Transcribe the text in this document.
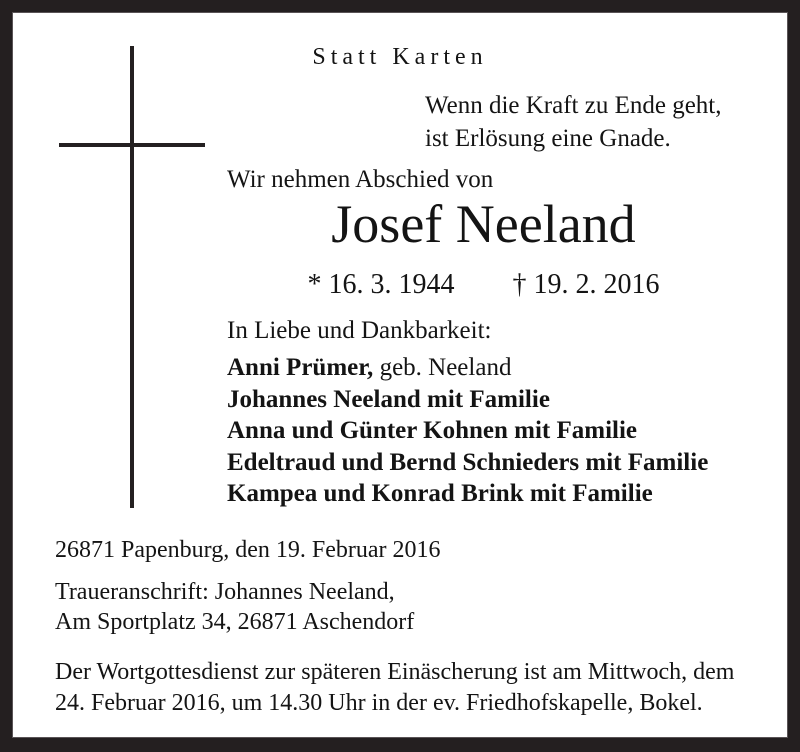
Statt Karten
Wenn die Kraft zu Ende geht,
ist Erlösung eine Gnade.
Wir nehmen Abschied von
Josef Neeland
* 16. 3. 1944 † 19. 2. 2016
In Liebe und Dankbarkeit:
Anni Prümer, geb. Neeland
Johannes Neeland mit Familie
Anna und Günter Kohnen mit Familie
Edeltraud und Bernd Schnieders mit Familie
Kampea und Konrad Brink mit Familie
26871 Papenburg, den 19. Februar 2016
Traueranschrift: Johannes Neeland,
Am Sportplatz 34, 26871 Aschendorf
Der Wortgottesdienst zur späteren Einäscherung ist am Mittwoch, dem
24. Februar 2016, um 14.30 Uhr in der ev. Friedhofskapelle, Bokel.
